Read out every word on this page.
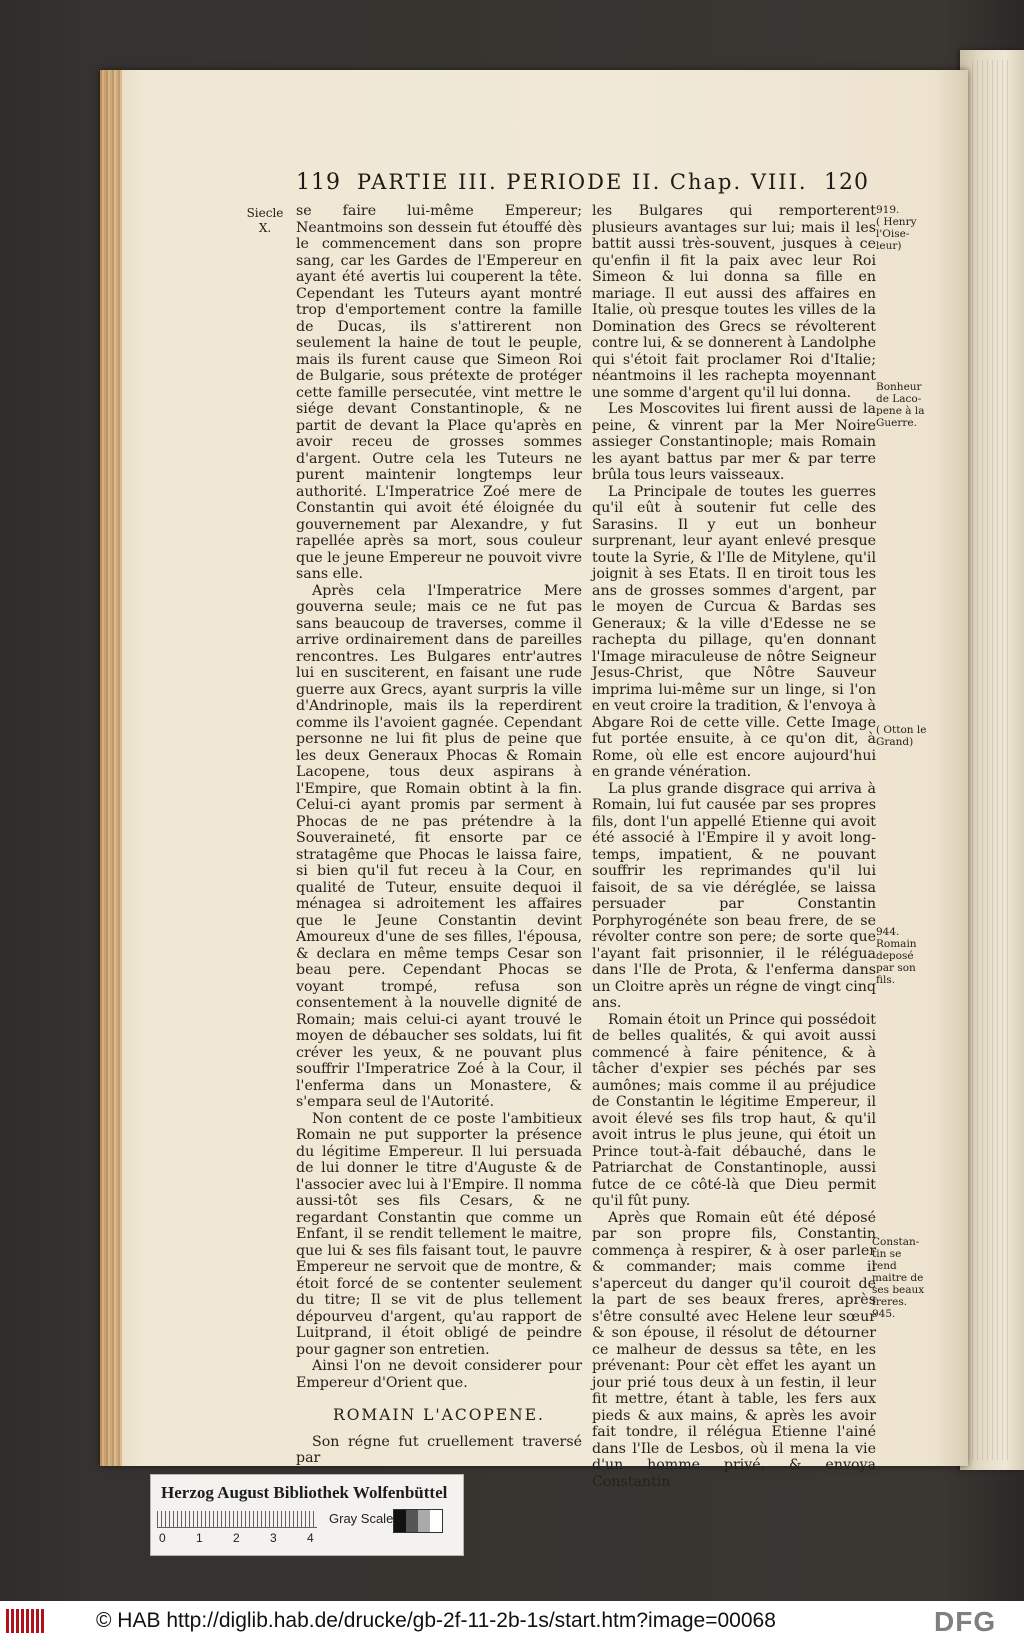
119 PARTIE III. PERIODE II. Chap. VIII. 120
Siecle
X.

se faire lui-même Empereur; Neantmoins son dessein fut étouffé dès le commencement dans son propre sang, car les Gardes de l'Empereur en ayant été avertis lui couperent la tête. Cependant les Tuteurs ayant montré trop d'emportement contre la famille de Ducas, ils s'attirerent non seulement la haine de tout le peuple, mais ils furent cause que Simeon Roi de Bulgarie, sous prétexte de protéger cette famille persecutée, vint mettre le siége devant Constantinople, & ne partit de devant la Place qu'après en avoir receu de grosses sommes d'argent. Outre cela les Tuteurs ne purent maintenir longtemps leur authorité. L'Imperatrice Zoé mere de Constantin qui avoit été éloignée du gouvernement par Alexandre, y fut rapellée après sa mort, sous couleur que le jeune Empereur ne pouvoit vivre sans elle.

Après cela l'Imperatrice Mere gouverna seule; mais ce ne fut pas sans beaucoup de traverses, comme il arrive ordinairement dans de pareilles rencontres. Les Bulgares entr'autres lui en susciterent, en faisant une rude guerre aux Grecs, ayant surpris la ville d'Andrinople, mais ils la reperdirent comme ils l'avoient gagnée. Cependant personne ne lui fit plus de peine que les deux Generaux Phocas & Romain Lacopene, tous deux aspirans à l'Empire, que Romain obtint à la fin. Celui-ci ayant promis par serment à Phocas de ne pas prétendre à la Souveraineté, fit ensorte par ce stratagême que Phocas le laissa faire, si bien qu'il fut receu à la Cour, en qualité de Tuteur, ensuite dequoi il ménagea si adroitement les affaires que le Jeune Constantin devint Amoureux d'une de ses filles, l'épousa, & declara en même temps Cesar son beau pere. Cependant Phocas se voyant trompé, refusa son consentement à la nouvelle dignité de Romain; mais celui-ci ayant trouvé le moyen de débaucher ses soldats, lui fit créver les yeux, & ne pouvant plus souffrir l'Imperatrice Zoé à la Cour, il l'enferma dans un Monastere, & s'empara seul de l'Autorité.

Non content de ce poste l'ambitieux Romain ne put supporter la présence du légitime Empereur. Il lui persuada de lui donner le titre d'Auguste & de l'associer avec lui à l'Empire. Il nomma aussi-tôt ses fils Cesars, & ne regardant Constantin que comme un Enfant, il se rendit tellement le maitre, que lui & ses fils faisant tout, le pauvre Empereur ne servoit que de montre, & étoit forcé de se contenter seulement du titre; Il se vit de plus tellement dépourveu d'argent, qu'au rapport de Luitprand, il étoit obligé de peindre pour gagner son entretien.

Ainsi l'on ne devoit considerer pour Empereur d'Orient que.

ROMAIN L'ACOPENE.

Son régne fut cruellement traversé par

les Bulgares qui remporterent plusieurs avantages sur lui; mais il les battit aussi très-souvent, jusques à ce qu'enfin il fit la paix avec leur Roi Simeon & lui donna sa fille en mariage. Il eut aussi des affaires en Italie, où presque toutes les villes de la Domination des Grecs se révolterent contre lui, & se donnerent à Landolphe qui s'étoit fait proclamer Roi d'Italie; néantmoins il les rachepta moyennant une somme d'argent qu'il lui donna.

Les Moscovites lui firent aussi de la peine, & vinrent par la Mer Noire assieger Constantinople; mais Romain les ayant battus par mer & par terre brûla tous leurs vaisseaux.

La Principale de toutes les guerres qu'il eût à soutenir fut celle des Sarasins. Il y eut un bonheur surprenant, leur ayant enlevé presque toute la Syrie, & l'Ile de Mitylene, qu'il joignit à ses Etats. Il en tiroit tous les ans de grosses sommes d'argent, par le moyen de Curcua & Bardas ses Generaux; & la ville d'Edesse ne se rachepta du pillage, qu'en donnant l'Image miraculeuse de nôtre Seigneur Jesus-Christ, que Nôtre Sauveur imprima lui-même sur un linge, si l'on en veut croire la tradition, & l'envoya à Abgare Roi de cette ville. Cette Image fut portée ensuite, à ce qu'on dit, à Rome, où elle est encore aujourd'hui en grande vénération.

La plus grande disgrace qui arriva à Romain, lui fut causée par ses propres fils, dont l'un appellé Etienne qui avoit été associé à l'Empire il y avoit long-temps, impatient, & ne pouvant souffrir les reprimandes qu'il lui faisoit, de sa vie déréglée, se laissa persuader par Constantin Porphyrogénéte son beau frere, de se révolter contre son pere; de sorte que l'ayant fait prisonnier, il le rélégua dans l'Ile de Prota, & l'enferma dans un Cloitre après un régne de vingt cinq ans.

Romain étoit un Prince qui possédoit de belles qualités, & qui avoit aussi commencé à faire pénitence, & à tâcher d'expier ses péchés par ses aumônes; mais comme il au préjudice de Constantin le légitime Empereur, il avoit élevé ses fils trop haut, & qu'il avoit intrus le plus jeune, qui étoit un Prince tout-à-fait débauché, dans le Patriarchat de Constantinople, aussi futce de ce côté-là que Dieu permit qu'il fût puny.

Après que Romain eût été déposé par son propre fils, Constantin commença à respirer, & à oser parler & commander; mais comme il s'aperceut du danger qu'il couroit de la part de ses beaux freres, après s'être consulté avec Helene leur sœur & son épouse, il résolut de détourner ce malheur de dessus sa tête, en les prévenant: Pour cèt effet les ayant un jour prié tous deux à un festin, il leur fit mettre, étant à table, les fers aux pieds & aux mains, & après les avoir fait tondre, il rélégua Etienne l'ainé dans l'Ile de Lesbos, où il mena la vie d'un homme privé, & envoya Constantin

919.
( Henry
l'Oise-
leur)
Bonheur
de Laco-
pene à la
Guerre.
( Otton le
Grand)
944.
Romain
deposé
par son
fils.
Constan-
tin se rend
maitre de
ses beaux
freres.
945.
Herzog August Bibliothek Wolfenbüttel
0	1	2	3	4
Gray Scale
© HAB http://diglib.hab.de/drucke/gb-2f-11-2b-1s/start.htm?image=00068	DFG
